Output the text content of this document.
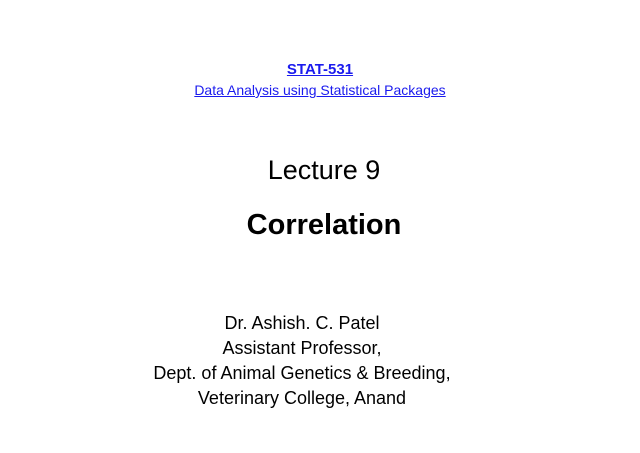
STAT-531
Data Analysis using Statistical Packages
Lecture 9
Correlation
Dr. Ashish. C. Patel
Assistant Professor,
Dept. of Animal Genetics & Breeding,
Veterinary College, Anand
